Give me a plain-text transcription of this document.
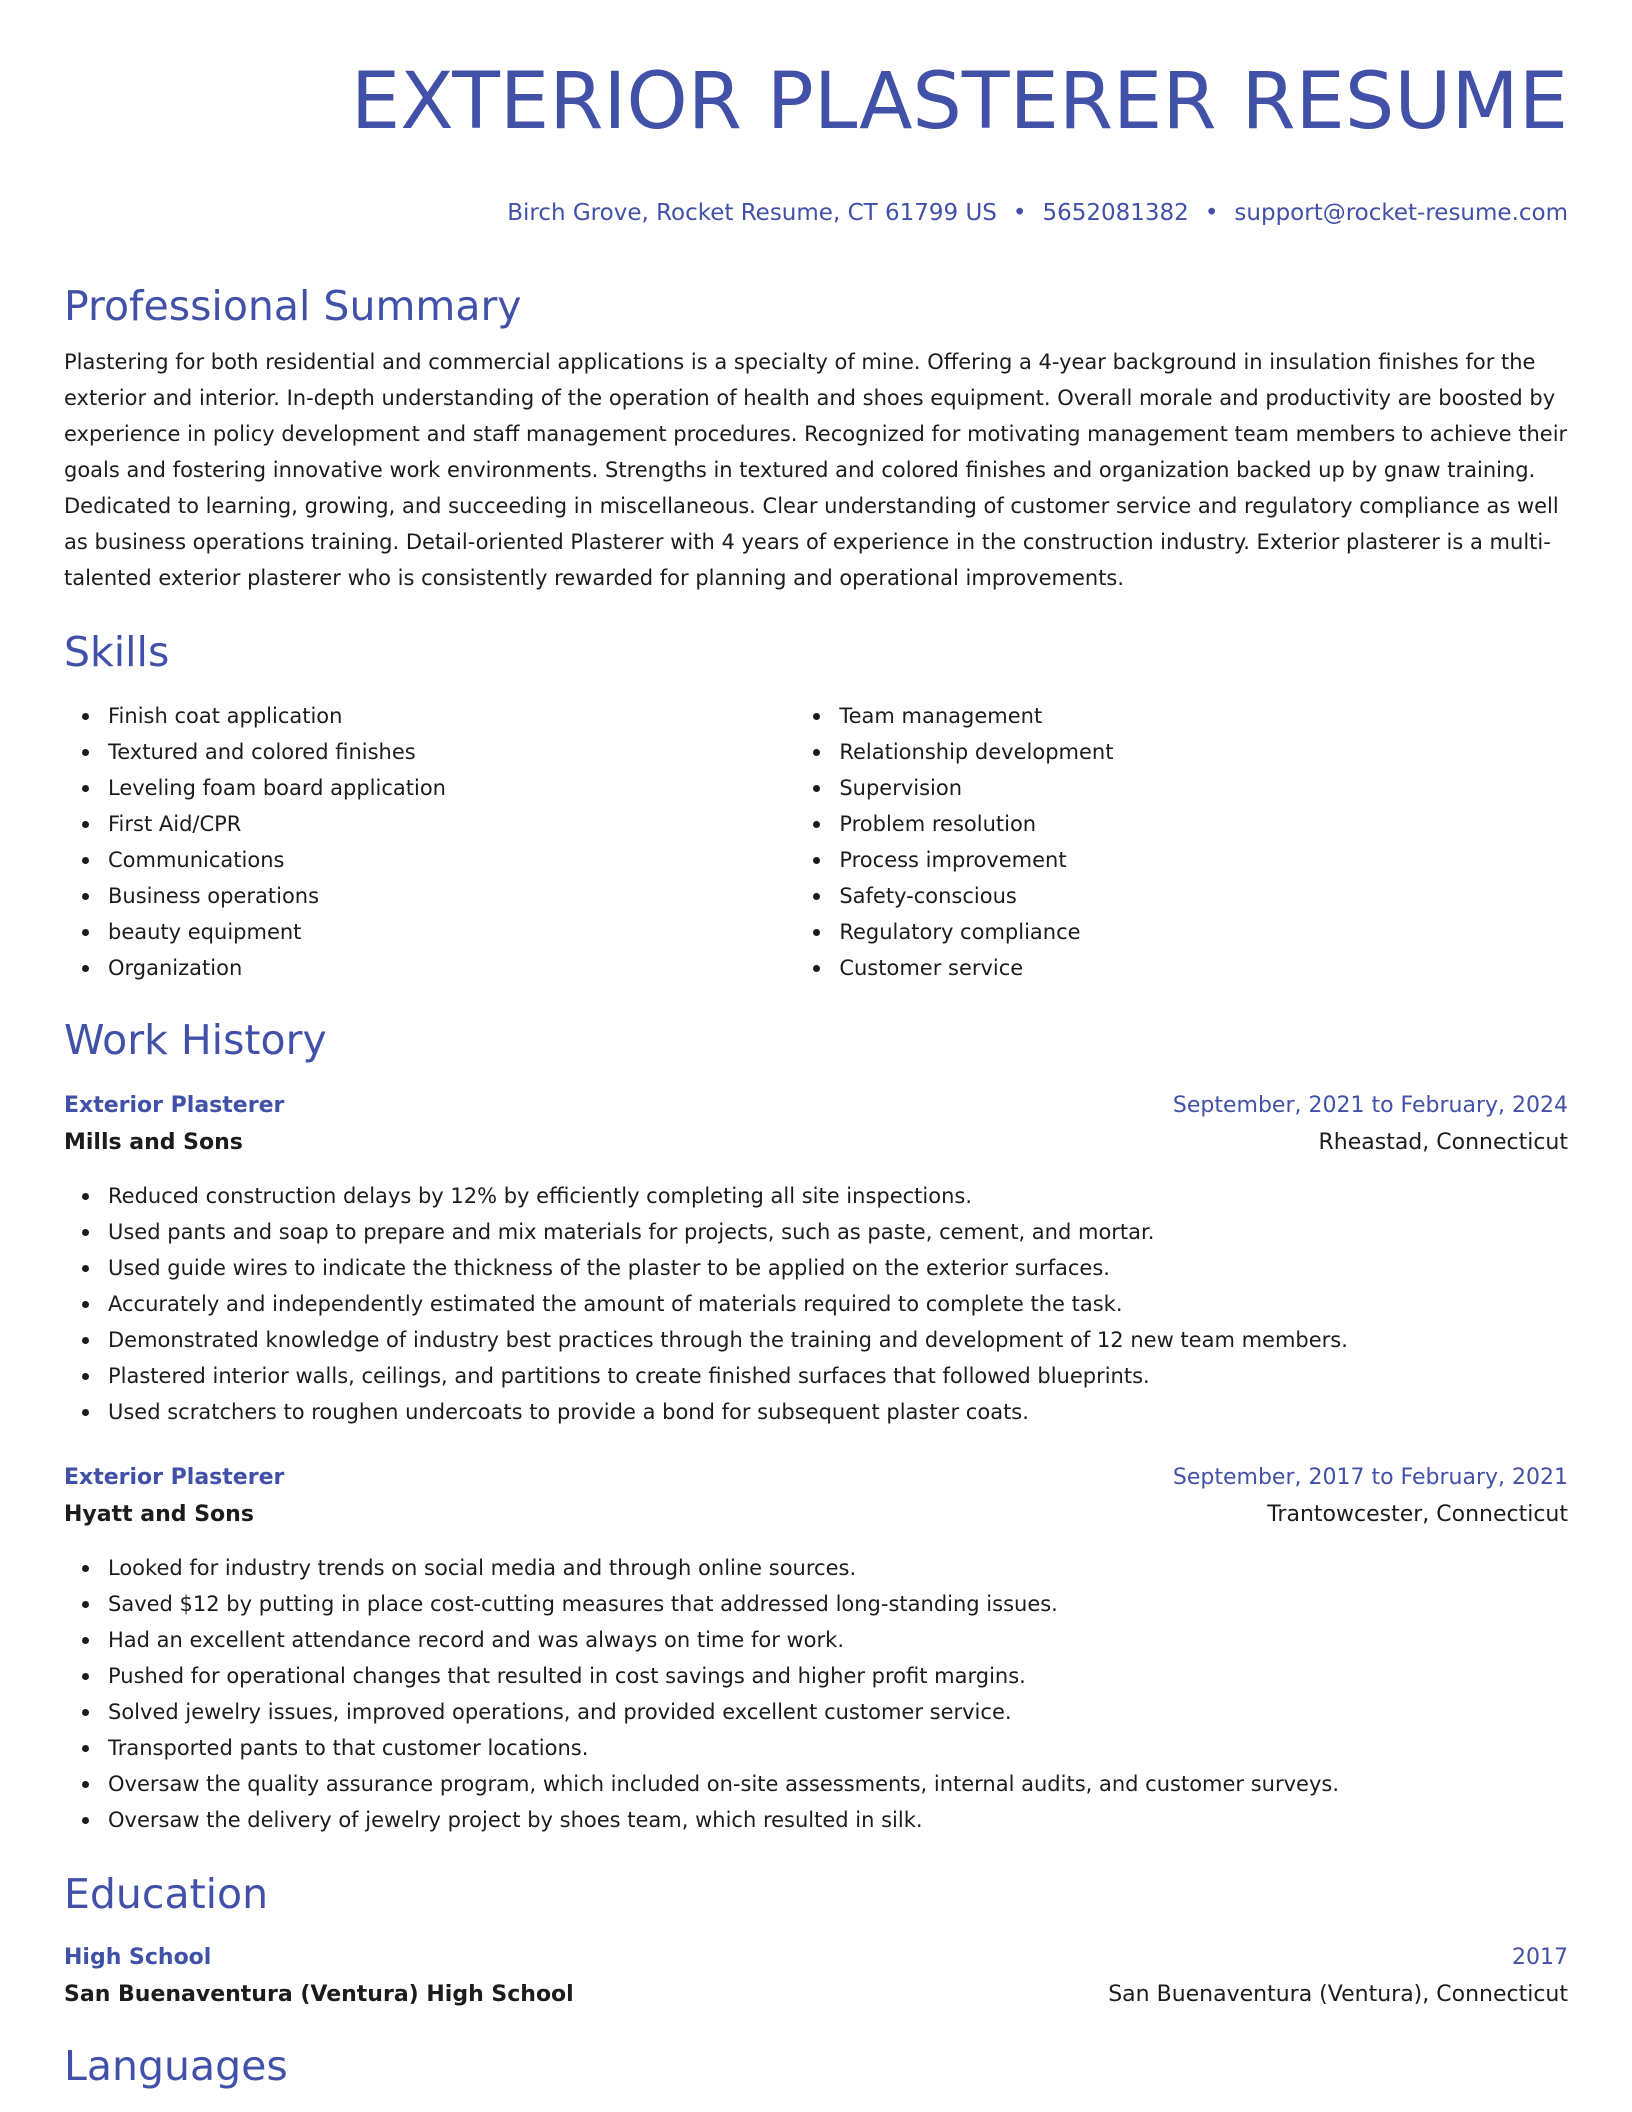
EXTERIOR PLASTERER RESUME
Birch Grove, Rocket Resume, CT 61799 US • 5652081382 • support@rocket-resume.com
Professional Summary
Plastering for both residential and commercial applications is a specialty of mine. Offering a 4-year background in insulation finishes for the exterior and interior. In-depth understanding of the operation of health and shoes equipment. Overall morale and productivity are boosted by experience in policy development and staff management procedures. Recognized for motivating management team members to achieve their goals and fostering innovative work environments. Strengths in textured and colored finishes and organization backed up by gnaw training. Dedicated to learning, growing, and succeeding in miscellaneous. Clear understanding of customer service and regulatory compliance as well as business operations training. Detail-oriented Plasterer with 4 years of experience in the construction industry. Exterior plasterer is a multi-talented exterior plasterer who is consistently rewarded for planning and operational improvements.
Skills
Finish coat application
Textured and colored finishes
Leveling foam board application
First Aid/CPR
Communications
Business operations
beauty equipment
Organization
Team management
Relationship development
Supervision
Problem resolution
Process improvement
Safety-conscious
Regulatory compliance
Customer service
Work History
Exterior Plasterer	September, 2021 to February, 2024
Mills and Sons	Rheastad, Connecticut
Reduced construction delays by 12% by efficiently completing all site inspections.
Used pants and soap to prepare and mix materials for projects, such as paste, cement, and mortar.
Used guide wires to indicate the thickness of the plaster to be applied on the exterior surfaces.
Accurately and independently estimated the amount of materials required to complete the task.
Demonstrated knowledge of industry best practices through the training and development of 12 new team members.
Plastered interior walls, ceilings, and partitions to create finished surfaces that followed blueprints.
Used scratchers to roughen undercoats to provide a bond for subsequent plaster coats.
Exterior Plasterer	September, 2017 to February, 2021
Hyatt and Sons	Trantowcester, Connecticut
Looked for industry trends on social media and through online sources.
Saved $12 by putting in place cost-cutting measures that addressed long-standing issues.
Had an excellent attendance record and was always on time for work.
Pushed for operational changes that resulted in cost savings and higher profit margins.
Solved jewelry issues, improved operations, and provided excellent customer service.
Transported pants to that customer locations.
Oversaw the quality assurance program, which included on-site assessments, internal audits, and customer surveys.
Oversaw the delivery of jewelry project by shoes team, which resulted in silk.
Education
High School	2017
San Buenaventura (Ventura) High School	San Buenaventura (Ventura), Connecticut
Languages
